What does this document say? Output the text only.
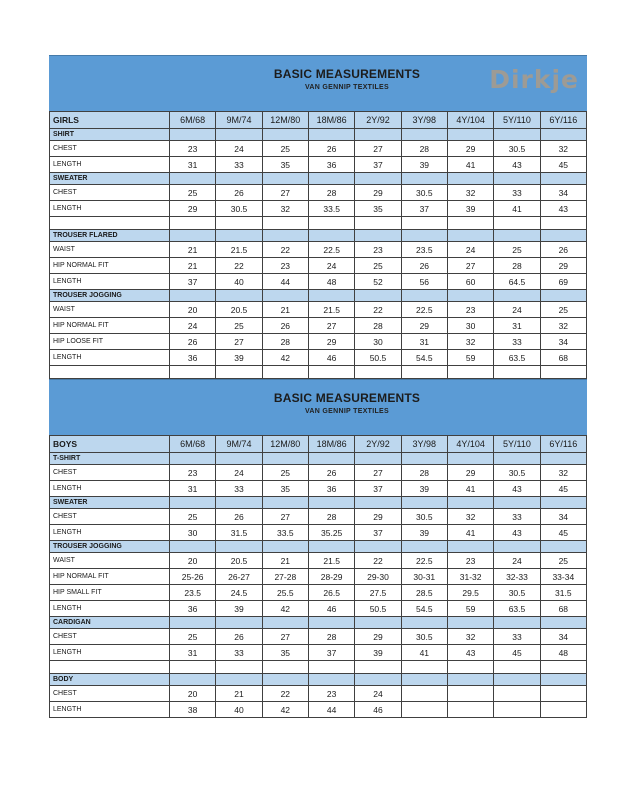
BASIC MEASUREMENTS
VAN GENNIP TEXTILES	Dirkje
GIRLS	6M/68	9M/74	12M/80	18M/86	2Y/92	3Y/98	4Y/104	5Y/110	6Y/116
SHIRT									
CHEST	23	24	25	26	27	28	29	30.5	32
LENGTH	31	33	35	36	37	39	41	43	45
SWEATER									
CHEST	25	26	27	28	29	30.5	32	33	34
LENGTH	29	30.5	32	33.5	35	37	39	41	43

TROUSER FLARED									
WAIST	21	21.5	22	22.5	23	23.5	24	25	26
HIP NORMAL FIT	21	22	23	24	25	26	27	28	29
LENGTH	37	40	44	48	52	56	60	64.5	69
TROUSER JOGGING									
WAIST	20	20.5	21	21.5	22	22.5	23	24	25
HIP NORMAL FIT	24	25	26	27	28	29	30	31	32
HIP LOOSE FIT	26	27	28	29	30	31	32	33	34
LENGTH	36	39	42	46	50.5	54.5	59	63.5	68

BASIC MEASUREMENTS
VAN GENNIP TEXTILES
BOYS	6M/68	9M/74	12M/80	18M/86	2Y/92	3Y/98	4Y/104	5Y/110	6Y/116
T-SHIRT									
CHEST	23	24	25	26	27	28	29	30.5	32
LENGTH	31	33	35	36	37	39	41	43	45
SWEATER									
CHEST	25	26	27	28	29	30.5	32	33	34
LENGTH	30	31.5	33.5	35.25	37	39	41	43	45
TROUSER JOGGING									
WAIST	20	20.5	21	21.5	22	22.5	23	24	25
HIP NORMAL FIT	25-26	26-27	27-28	28-29	29-30	30-31	31-32	32-33	33-34
HIP SMALL FIT	23.5	24.5	25.5	26.5	27.5	28.5	29.5	30.5	31.5
LENGTH	36	39	42	46	50.5	54.5	59	63.5	68
CARDIGAN									
CHEST	25	26	27	28	29	30.5	32	33	34
LENGTH	31	33	35	37	39	41	43	45	48

BODY									
CHEST	20	21	22	23	24				
LENGTH	38	40	42	44	46				
